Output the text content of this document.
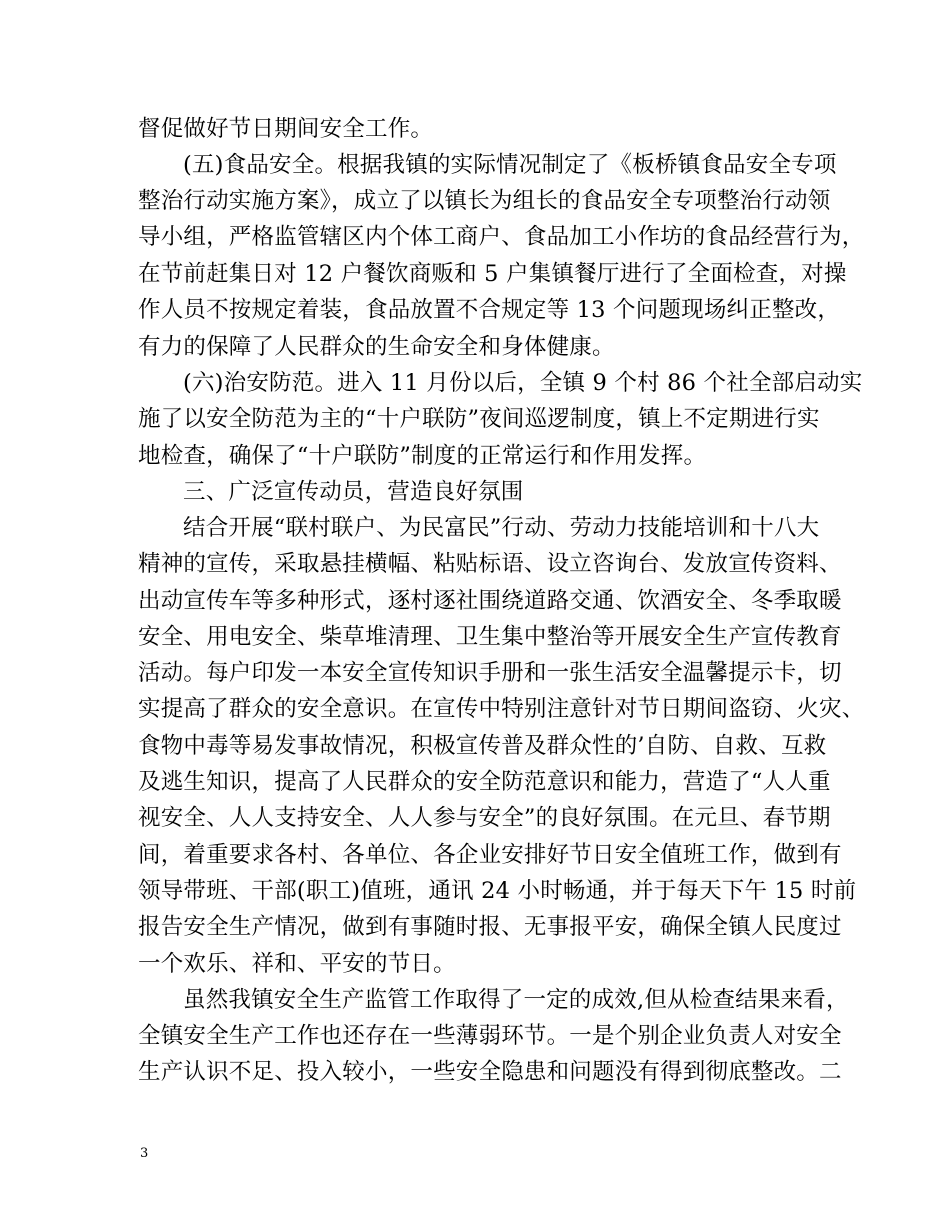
督促做好节日期间安全工作。
(五)食品安全。根据我镇的实际情况制定了《板桥镇食品安全专项
整治行动实施方案》，成立了以镇长为组长的食品安全专项整治行动领
导小组，严格监管辖区内个体工商户、食品加工小作坊的食品经营行为，
在节前赶集日对 12 户餐饮商贩和 5 户集镇餐厅进行了全面检查，对操
作人员不按规定着装，食品放置不合规定等 13 个问题现场纠正整改，
有力的保障了人民群众的生命安全和身体健康。
(六)治安防范。进入 11 月份以后，全镇 9 个村 86 个社全部启动实
施了以安全防范为主的“十户联防”夜间巡逻制度，镇上不定期进行实
地检查，确保了“十户联防”制度的正常运行和作用发挥。
三、广泛宣传动员，营造良好氛围
结合开展“联村联户、为民富民”行动、劳动力技能培训和十八大
精神的宣传，采取悬挂横幅、粘贴标语、设立咨询台、发放宣传资料、
出动宣传车等多种形式，逐村逐社围绕道路交通、饮酒安全、冬季取暖
安全、用电安全、柴草堆清理、卫生集中整治等开展安全生产宣传教育
活动。每户印发一本安全宣传知识手册和一张生活安全温馨提示卡，切
实提高了群众的安全意识。在宣传中特别注意针对节日期间盗窃、火灾、
食物中毒等易发事故情况，积极宣传普及群众性的’自防、自救、互救
及逃生知识，提高了人民群众的安全防范意识和能力，营造了“人人重
视安全、人人支持安全、人人参与安全”的良好氛围。在元旦、春节期
间，着重要求各村、各单位、各企业安排好节日安全值班工作，做到有
领导带班、干部(职工)值班，通讯 24 小时畅通，并于每天下午 15 时前
报告安全生产情况，做到有事随时报、无事报平安，确保全镇人民度过
一个欢乐、祥和、平安的节日。
虽然我镇安全生产监管工作取得了一定的成效,但从检查结果来看，
全镇安全生产工作也还存在一些薄弱环节。一是个别企业负责人对安全
生产认识不足、投入较小，一些安全隐患和问题没有得到彻底整改。二
3
